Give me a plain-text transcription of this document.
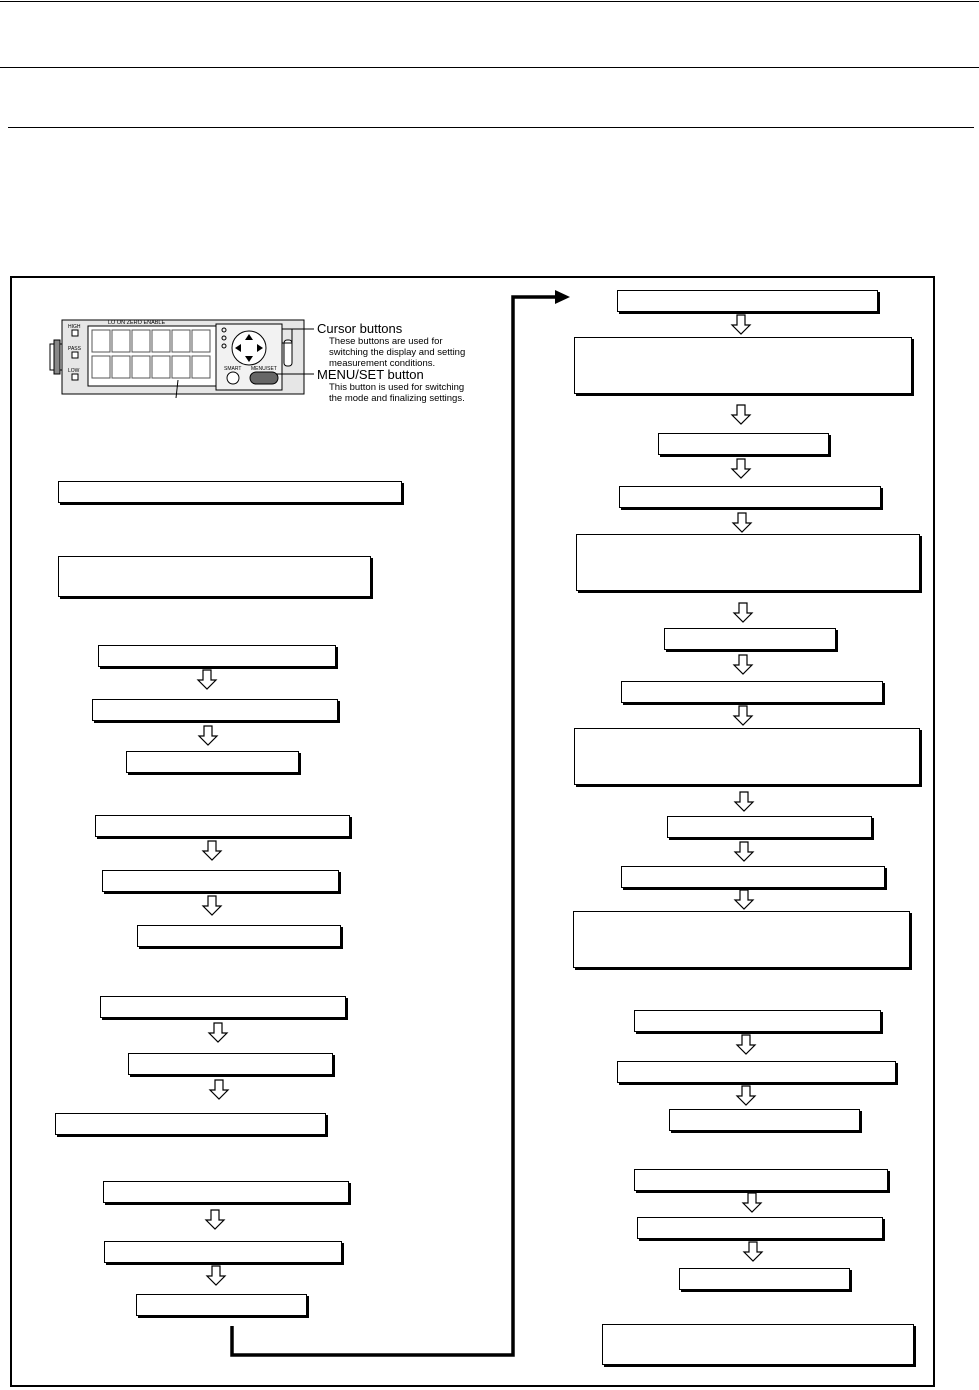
HIGH
PASS
LOW
LO ON ZERO ENABLE
SMART MENU/SET
Cursor buttons
These buttons are used for
switching the display and setting
measurement conditions.
MENU/SET button
This button is used for switching
the mode and finalizing settings.
